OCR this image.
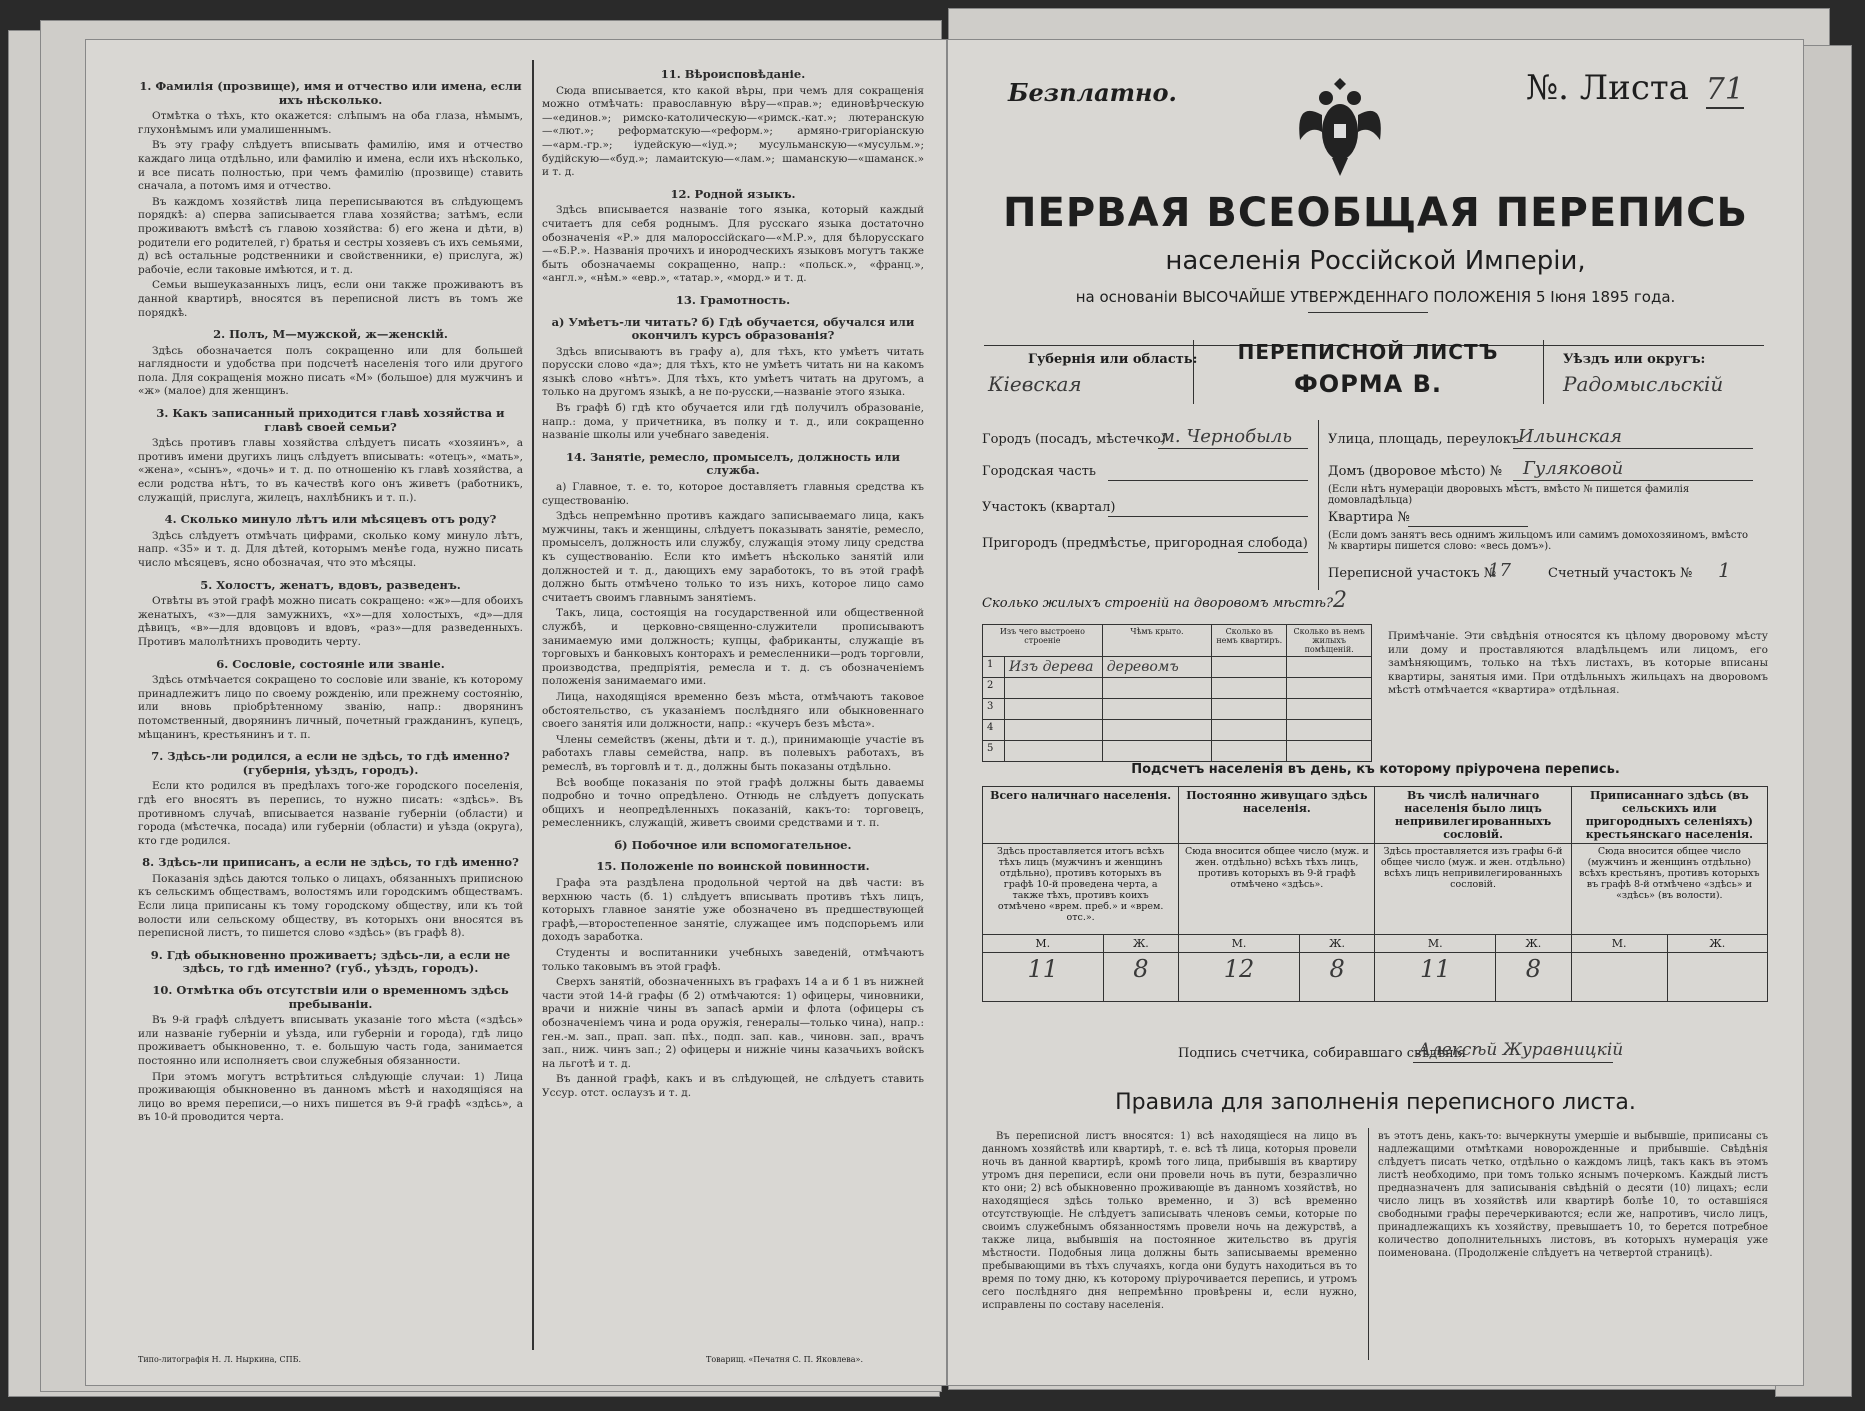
1. Фамилія (прозвище), имя и отчество или имена, если ихъ нѣсколько.

Отмѣтка о тѣхъ, кто окажется: слѣпымъ на оба глаза, нѣмымъ, глухонѣмымъ или умалишеннымъ.

Въ эту графу слѣдуетъ вписывать фамилію, имя и отчество каждаго лица отдѣльно, или фамилію и имена, если ихъ нѣсколько, и все писать полностью, при чемъ фамилію (прозвище) ставить сначала, а потомъ имя и отчество.

Въ каждомъ хозяйствѣ лица переписываются въ слѣдующемъ порядкѣ: а) сперва записывается глава хозяйства; затѣмъ, если проживаютъ вмѣстѣ съ главою хозяйства: б) его жена и дѣти, в) родители его родителей, г) братья и сестры хозяевъ съ ихъ семьями, д) всѣ остальные родственники и свойственники, е) прислуга, ж) рабочіе, если таковые имѣются, и т. д.

Семьи вышеуказанныхъ лицъ, если они также проживаютъ въ данной квартирѣ, вносятся въ переписной листъ въ томъ же порядкѣ.

2. Полъ, М—мужской, ж—женскій.

Здѣсь обозначается полъ сокращенно или для большей наглядности и удобства при подсчетѣ населенія того или другого пола. Для сокращенія можно писать «М» (большое) для мужчинъ и «ж» (малое) для женщинъ.

3. Какъ записанный приходится главѣ хозяйства и главѣ своей семьи?

Здѣсь противъ главы хозяйства слѣдуетъ писать «хозяинъ», а противъ имени другихъ лицъ слѣдуетъ вписывать: «отецъ», «мать», «жена», «сынъ», «дочь» и т. д. по отношенію къ главѣ хозяйства, а если родства нѣтъ, то въ качествѣ кого онъ живетъ (работникъ, служащій, прислуга, жилецъ, нахлѣбникъ и т. п.).

4. Сколько минуло лѣтъ или мѣсяцевъ отъ роду?

Здѣсь слѣдуетъ отмѣчать цифрами, сколько кому минуло лѣтъ, напр. «35» и т. д. Для дѣтей, которымъ менѣе года, нужно писать число мѣсяцевъ, ясно обозначая, что это мѣсяцы.

5. Холостъ, женатъ, вдовъ, разведенъ.

Отвѣты въ этой графѣ можно писать сокращено: «ж»—для обоихъ женатыхъ, «з»—для замужнихъ, «х»—для холостыхъ, «д»—для дѣвицъ, «в»—для вдовцовъ и вдовъ, «раз»—для разведенныхъ. Противъ малолѣтнихъ проводить черту.

6. Сословіе, состояніе или званіе.

Здѣсь отмѣчается сокращено то сословіе или званіе, къ которому принадлежитъ лицо по своему рожденію, или прежнему состоянію, или вновь пріобрѣтенному званію, напр.: дворянинъ потомственный, дворянинъ личный, почетный гражданинъ, купецъ, мѣщанинъ, крестьянинъ и т. п.

7. Здѣсь-ли родился, а если не здѣсь, то гдѣ именно? (губернія, уѣздъ, городъ).

Если кто родился въ предѣлахъ того-же городского поселенія, гдѣ его вносятъ въ перепись, то нужно писать: «здѣсь». Въ противномъ случаѣ, вписывается названіе губерніи (области) и города (мѣстечка, посада) или губерніи (области) и уѣзда (округа), кто где родился.

8. Здѣсь-ли приписанъ, а если не здѣсь, то гдѣ именно?

Показанія здѣсь даются только о лицахъ, обязанныхъ приписною къ сельскимъ обществамъ, волостямъ или городскимъ обществамъ. Если лица приписаны къ тому городскому обществу, или къ той волости или сельскому обществу, въ которыхъ они вносятся въ переписной листъ, то пишется слово «здѣсь» (въ графѣ 8).

9. Гдѣ обыкновенно проживаетъ; здѣсь-ли, а если не здѣсь, то гдѣ именно? (губ., уѣздъ, городъ).
10. Отмѣтка объ отсутствіи или о временномъ здѣсь пребываніи.

Въ 9-й графѣ слѣдуетъ вписывать указаніе того мѣста («здѣсь» или названіе губерніи и уѣзда, или губерніи и города), гдѣ лицо проживаетъ обыкновенно, т. е. большую часть года, занимается постоянно или исполняетъ свои служебныя обязанности.

При этомъ могутъ встрѣтиться слѣдующіе случаи: 1) Лица проживающія обыкновенно въ данномъ мѣстѣ и находящіяся на лицо во время переписи,—о нихъ пишется въ 9-й графѣ «здѣсь», а въ 10-й проводится черта.

11. Вѣроисповѣданіе.

Сюда вписывается, кто какой вѣры, при чемъ для сокращенія можно отмѣчать: православную вѣру—«прав.»; единовѣрческую—«единов.»; римско-католическую—«римск.-кат.»; лютеранскую—«лют.»; реформатскую—«реформ.»; армяно-григоріанскую—«арм.-гр.»; іудейскую—«іуд.»; мусульманскую—«мусульм.»; будійскую—«буд.»; ламаитскую—«лам.»; шаманскую—«шаманск.» и т. д.

12. Родной языкъ.

Здѣсь вписывается названіе того языка, который каждый считаетъ для себя роднымъ. Для русскаго языка достаточно обозначенія «Р.» для малороссійскаго—«М.Р.», для бѣлорусскаго—«Б.Р.». Названія прочихъ и инородческихъ языковъ могутъ также быть обозначаемы сокращенно, напр.: «польск.», «франц.», «англ.», «нѣм.» «евр.», «татар.», «морд.» и т. д.

13. Грамотность.
а) Умѣетъ-ли читать? б) Гдѣ обучается, обучался или окончилъ курсъ образованія?

Здѣсь вписываютъ въ графу а), для тѣхъ, кто умѣетъ читать порусски слово «да»; для тѣхъ, кто не умѣетъ читать ни на какомъ языкѣ слово «нѣтъ». Для тѣхъ, кто умѣетъ читать на другомъ, а только на другомъ языкѣ, а не по-русски,—названіе этого языка.

Въ графѣ б) гдѣ кто обучается или гдѣ получилъ образованіе, напр.: дома, у причетника, въ полку и т. д., или сокращенно названіе школы или учебнаго заведенія.

14. Занятіе, ремесло, промыселъ, должность или служба.

а) Главное, т. е. то, которое доставляетъ главныя средства къ существованію.

Здѣсь непремѣнно противъ каждаго записываемаго лица, какъ мужчины, такъ и женщины, слѣдуетъ показывать занятіе, ремесло, промыселъ, должность или службу, служащія этому лицу средства къ существованію. Если кто имѣетъ нѣсколько занятій или должностей и т. д., дающихъ ему заработокъ, то въ этой графѣ должно быть отмѣчено только то изъ нихъ, которое лицо само считаетъ своимъ главнымъ занятіемъ.

Такъ, лица, состоящія на государственной или общественной службѣ, и церковно-священно-служители прописываютъ занимаемую ими должность; купцы, фабриканты, служащіе въ торговыхъ и банковыхъ конторахъ и ремесленники—родъ торговли, производства, предпріятія, ремесла и т. д. съ обозначеніемъ положенія занимаемаго ими.

Лица, находящіяся временно безъ мѣста, отмѣчаютъ таковое обстоятельство, съ указаніемъ послѣдняго или обыкновеннаго своего занятія или должности, напр.: «кучеръ безъ мѣста».

Члены семействъ (жены, дѣти и т. д.), принимающіе участіе въ работахъ главы семейства, напр. въ полевыхъ работахъ, въ ремеслѣ, въ торговлѣ и т. д., должны быть показаны отдѣльно.

Всѣ вообще показанія по этой графѣ должны быть даваемы подробно и точно опредѣлено. Отнюдь не слѣдуетъ допускать общихъ и неопредѣленныхъ показаній, какъ-то: торговецъ, ремесленникъ, служащій, живетъ своими средствами и т. п.

б) Побочное или вспомогательное.
15. Положеніе по воинской повинности.

Графа эта раздѣлена продольной чертой на двѣ части: въ верхнюю часть (б. 1) слѣдуетъ вписывать противъ тѣхъ лицъ, которыхъ главное занятіе уже обозначено въ предшествующей графѣ,—второстепенное занятіе, служащее имъ подспорьемъ или доходъ заработка.

Студенты и воспитанники учебныхъ заведеній, отмѣчаютъ только таковымъ въ этой графѣ.

Сверхъ занятій, обозначенныхъ въ графахъ 14 а и б 1 въ нижней части этой 14-й графы (б 2) отмѣчаются: 1) офицеры, чиновники, врачи и нижніе чины въ запасѣ арміи и флота (офицеры съ обозначеніемъ чина и рода оружія, генералы—только чина), напр.: ген.-м. зап., прап. зап. пѣх., подп. зап. кав., чиновн. зап., врачъ зап., ниж. чинъ зап.; 2) офицеры и нижніе чины казачьихъ войскъ на льготѣ и т. д.

Въ данной графѣ, какъ и въ слѣдующей, не слѣдуетъ ставить Уссур. отст. ослаузъ и т. д.

Типо-литографія Н. Л. Ныркина, СПБ.	Товарищ. «Печатня С. П. Яковлева».
Безплатно.	№. Листа 71
ПЕРВАЯ ВСЕОБЩАЯ ПЕРЕПИСЬ
населенія Россійской Имперіи,
на основаніи ВЫСОЧАЙШЕ УТВЕРЖДЕННАГО ПОЛОЖЕНІЯ 5 Іюня 1895 года.
Губернія или область:
Кіевская
ПЕРЕПИСНОЙ ЛИСТЪ
ФОРМА В.
Уѣздъ или округъ:
Радомысльскій
Городъ (посадъ, мѣстечко)
м. Чернобыль
Городская часть
Участокъ (квартал)
Пригородъ (предмѣстье, пригородная слобода)
Улица, площадь, переулокъ
Ильинская
Домъ (дворовое мѣсто) № Гуляковой
(Если нѣтъ нумераціи дворовыхъ мѣстъ, вмѣсто № пишется фамилія домовладѣльца)
Квартира №
(Если домъ занятъ весь однимъ жильцомъ или самимъ домохозяиномъ, вмѣсто № квартиры пишется слово: «весь домъ»).
Переписной участокъ №
17	Счетный участокъ № 1
Сколько жилыхъ строеній на дворовомъ мѣстѣ? 2
Изъ чего выстроено строеніе		Чѣмъ крыто.	Сколько въ немъ квартиръ.	Сколько въ немъ жилыхъ помѣщеній.
1	Изъ дерева	деревомъ		
2				
3				
4				
5				
Примѣчаніе. Эти свѣдѣнія относятся къ цѣлому дворовому мѣсту или дому и проставляются владѣльцемъ или лицомъ, его замѣняющимъ, только на тѣхъ листахъ, въ которые вписаны квартиры, занятыя ими. При отдѣльныхъ жильцахъ на дворовомъ мѣстѣ отмѣчается «квартира» отдѣльная.
Подсчетъ населенія въ день, къ которому пріурочена перепись.
Всего наличнаго населенія.		Постоянно живущаго здѣсь населенія.		Въ числѣ наличнаго населенія было лицъ непривилегированныхъ сословій.		Приписаннаго здѣсь (въ сельскихъ или пригородныхъ селеніяхъ) крестьянскаго населенія.	
Здѣсь проставляется итогъ всѣхъ тѣхъ лицъ (мужчинъ и женщинъ отдѣльно), противъ которыхъ въ графѣ 10-й проведена черта, а также тѣхъ, противъ коихъ отмѣчено «врем. преб.» и «врем. отс.».		Сюда вносится общее число (муж. и жен. отдѣльно) всѣхъ тѣхъ лицъ, противъ которыхъ въ 9-й графѣ отмѣчено «здѣсь».		Здѣсь проставляется изъ графы 6-й общее число (муж. и жен. отдѣльно) всѣхъ лицъ непривилегированныхъ сословій.		Сюда вносится общее число (мужчинъ и женщинъ отдѣльно) всѣхъ крестьянъ, противъ которыхъ въ графѣ 8-й отмѣчено «здѣсь» и «здѣсь» (въ волости).	
М.	Ж.	М.	Ж.	М.	Ж.	М.	Ж.
11	8	12	8	11	8		
Подпись счетчика, собиравшаго свѣдѣнія
Алексѣй Журавницкій
Правила для заполненія переписного листа.
Въ переписной листъ вносятся: 1) всѣ находящіеся на лицо въ данномъ хозяйствѣ или квартирѣ, т. е. всѣ тѣ лица, которыя провели ночь въ данной квартирѣ, кромѣ того лица, прибывшія въ квартиру утромъ дня переписи, если они провели ночь въ пути, безразлично кто они; 2) всѣ обыкновенно проживающіе въ данномъ хозяйствѣ, но находящіеся здѣсь только временно, и 3) всѣ временно отсутствующіе. Не слѣдуетъ записывать членовъ семьи, которые по своимъ служебнымъ обязанностямъ провели ночь на дежурствѣ, а также лица, выбывшія на постоянное жительство въ другія мѣстности. Подобныя лица должны быть записываемы временно пребывающими въ тѣхъ случаяхъ, когда они будутъ находиться въ то время по тому дню, къ которому пріурочивается перепись, и утромъ сего послѣдняго дня непремѣнно провѣрены и, если нужно, исправлены по составу населенія.
въ этотъ день, какъ-то: вычеркнуты умершіе и выбывшіе, приписаны съ надлежащими отмѣтками новорожденные и прибывшіе. Свѣдѣнія слѣдуетъ писать четко, отдѣльно о каждомъ лицѣ, такъ какъ въ этомъ листѣ необходимо, при томъ только яснымъ почеркомъ. Каждый листъ предназначенъ для записыванія свѣдѣній о десяти (10) лицахъ; если число лицъ въ хозяйствѣ или квартирѣ болѣе 10, то оставшіяся свободными графы перечеркиваются; если же, напротивъ, число лицъ, принадлежащихъ къ хозяйству, превышаетъ 10, то берется потребное количество дополнительныхъ листовъ, въ которыхъ нумерація уже поименована. (Продолженіе слѣдуетъ на четвертой страницѣ).
